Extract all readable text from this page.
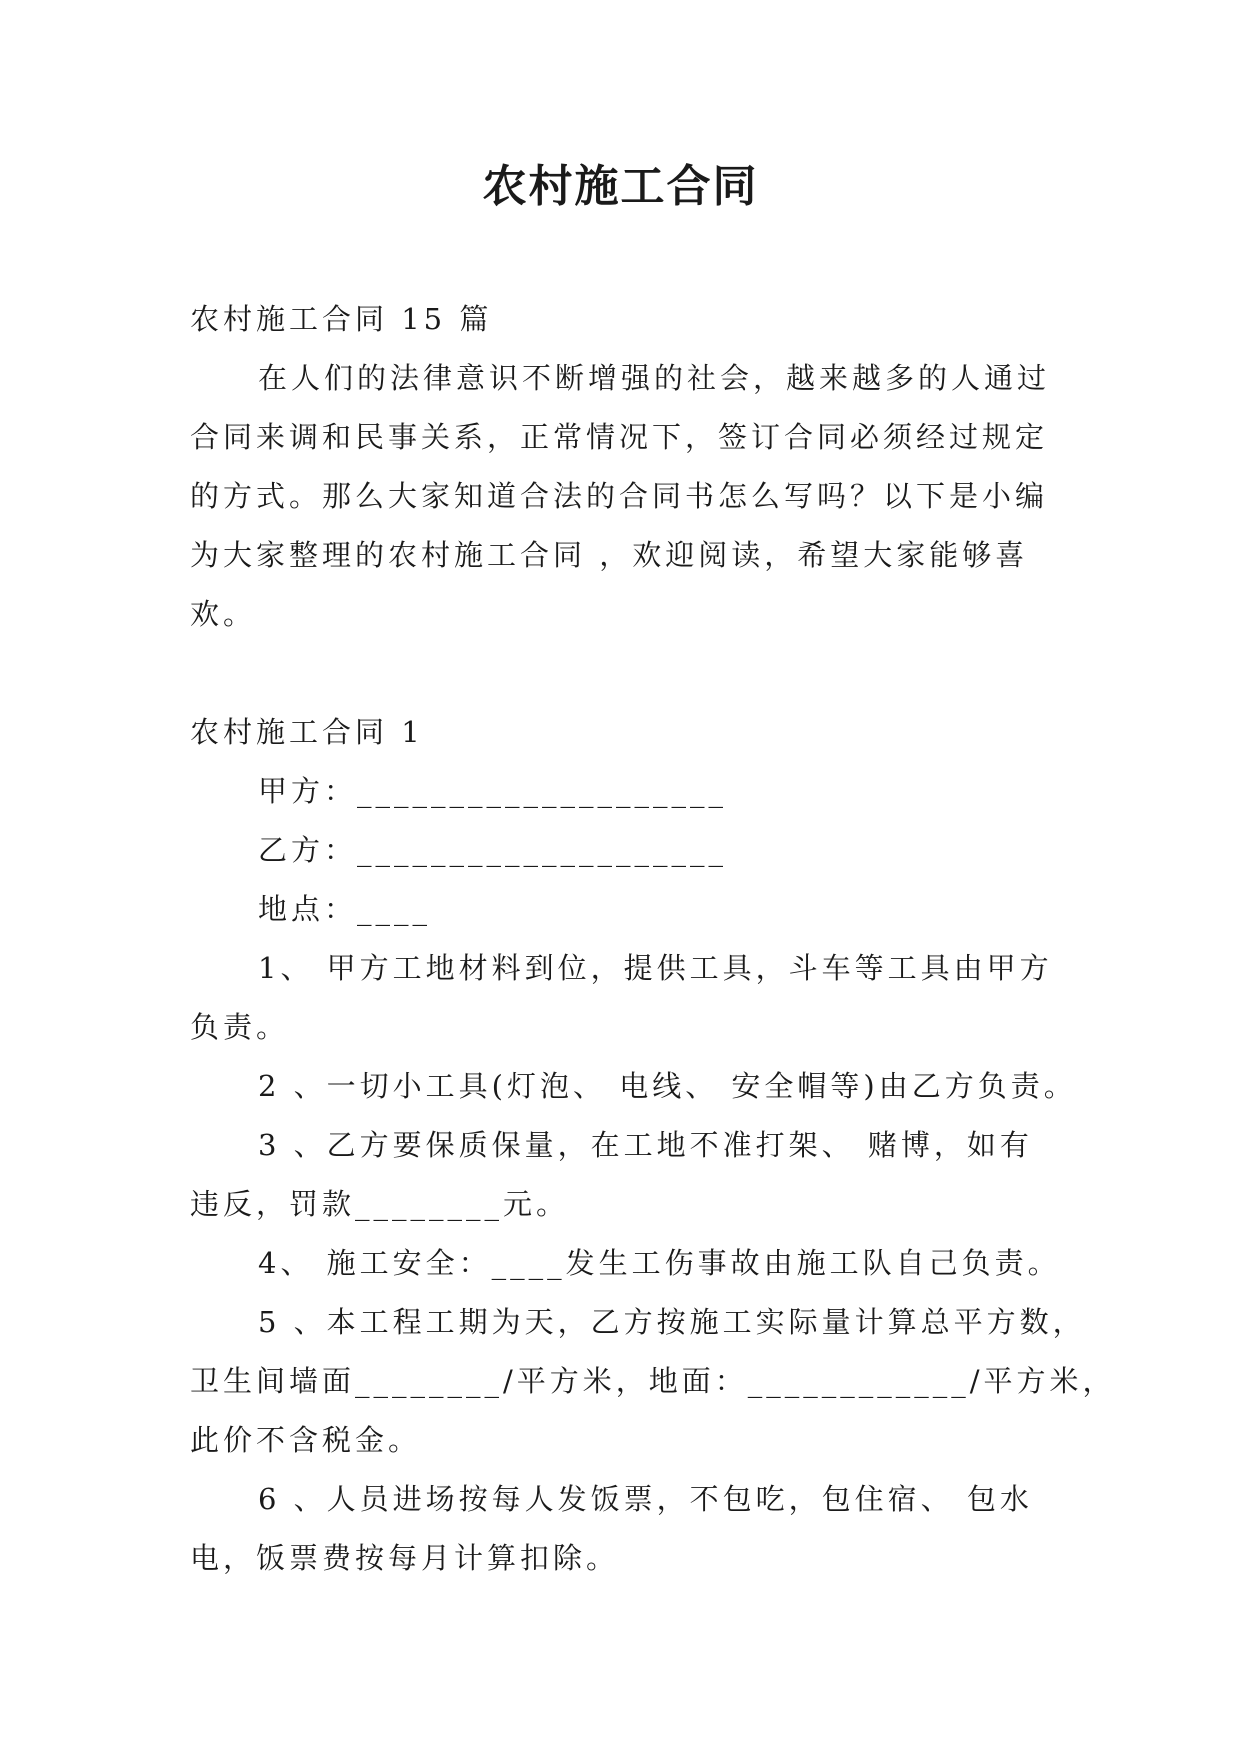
农村施工合同
农村施工合同 15 篇
在人们的法律意识不断增强的社会，越来越多的人通过
合同来调和民事关系，正常情况下，签订合同必须经过规定
的方式。那么大家知道合法的合同书怎么写吗？以下是小编
为大家整理的农村施工合同 ，欢迎阅读，希望大家能够喜
欢。
农村施工合同 1
甲方：____________________
乙方：____________________
地点：____
1、 甲方工地材料到位，提供工具，斗车等工具由甲方
负责。
2 、一切小工具(灯泡、 电线、 安全帽等)由乙方负责。
3 、乙方要保质保量，在工地不准打架、 赌博，如有
违反，罚款________元。
4、 施工安全：____发生工伤事故由施工队自己负责。
5 、本工程工期为天，乙方按施工实际量计算总平方数，
卫生间墙面________/平方米，地面：____________/平方米，
此价不含税金。
6 、人员进场按每人发饭票，不包吃，包住宿、 包水
电，饭票费按每月计算扣除。
